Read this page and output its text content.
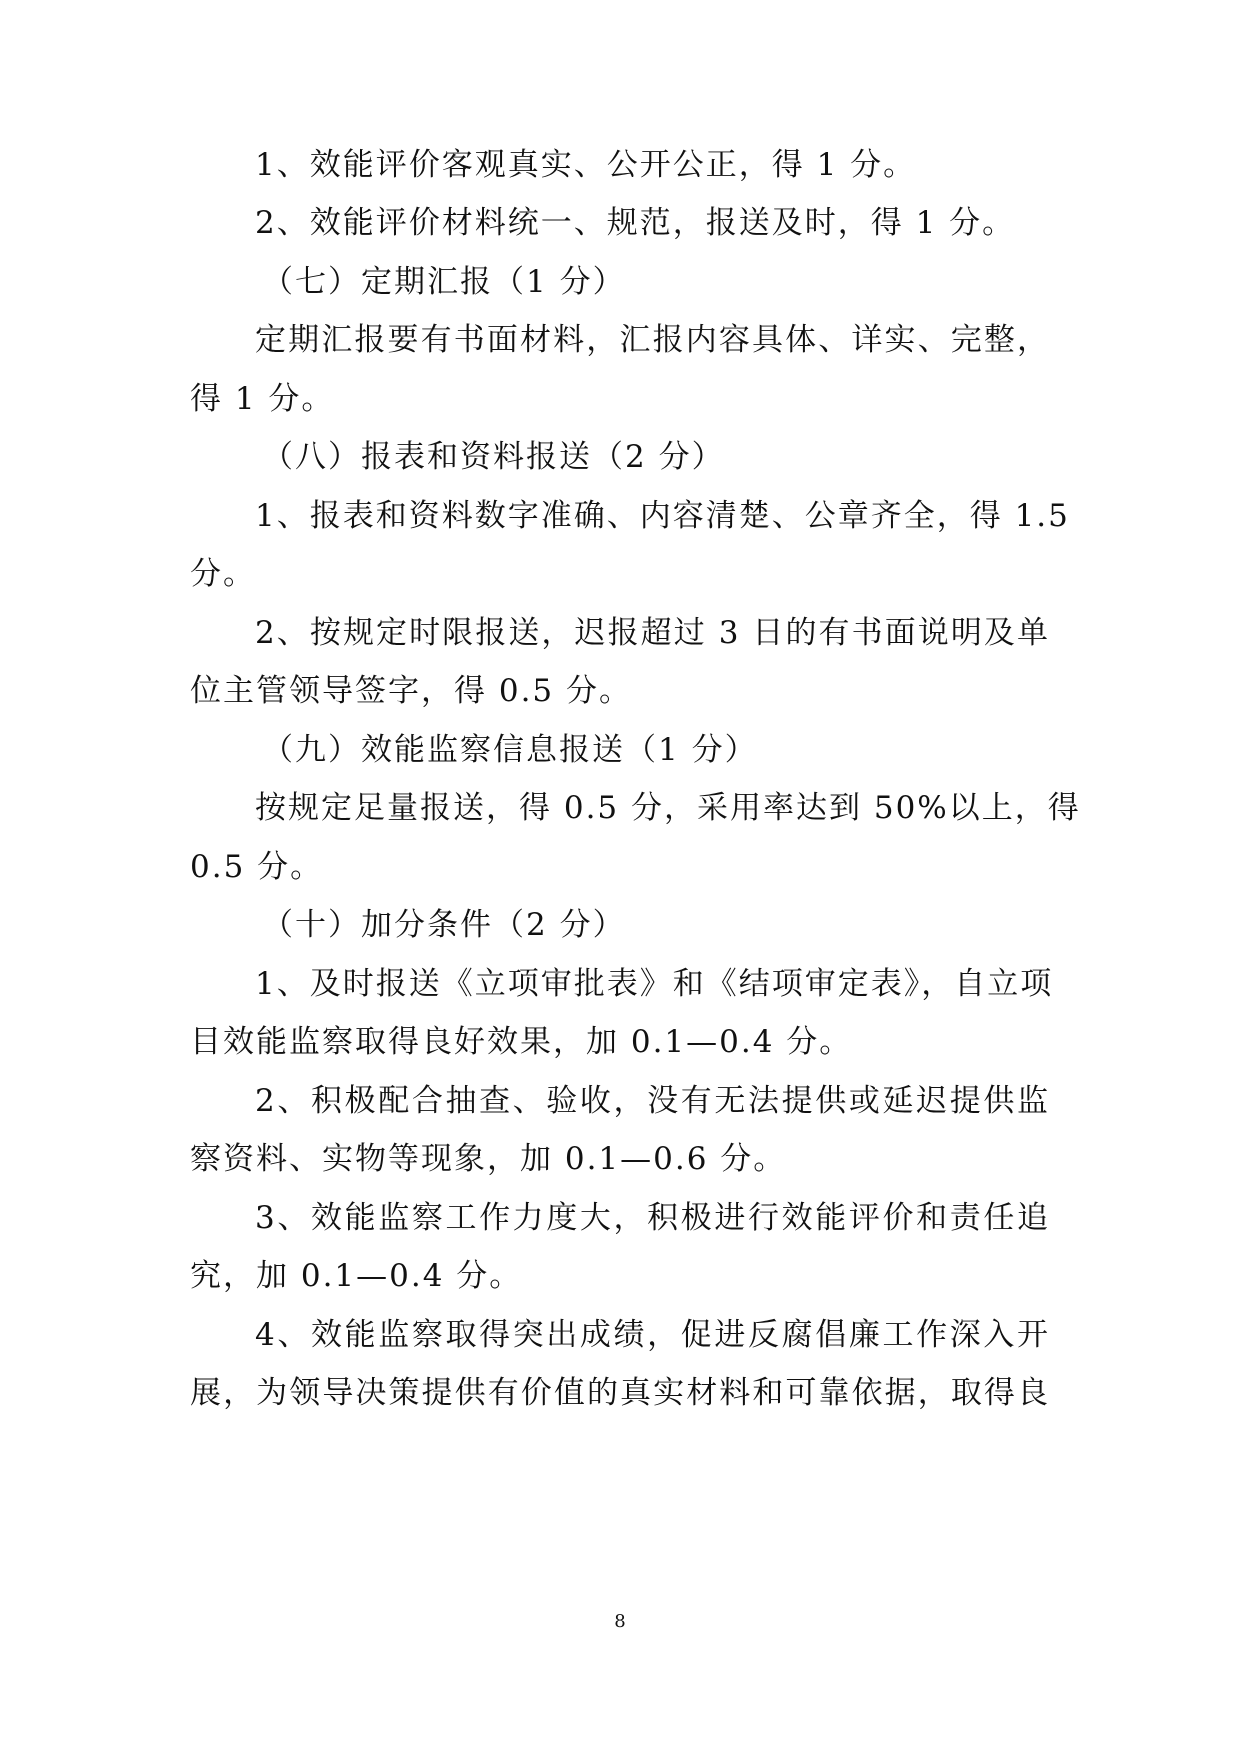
1、效能评价客观真实、公开公正，得 1 分。
2、效能评价材料统一、规范，报送及时，得 1 分。
（七）定期汇报（1 分）
定期汇报要有书面材料，汇报内容具体、详实、完整，
得 1 分。
（八）报表和资料报送（2 分）
1、报表和资料数字准确、内容清楚、公章齐全，得 1.5
分。
2、按规定时限报送，迟报超过 3 日的有书面说明及单
位主管领导签字，得 0.5 分。
（九）效能监察信息报送（1 分）
按规定足量报送，得 0.5 分，采用率达到 50%以上，得
0.5 分。
（十）加分条件（2 分）
1、及时报送《立项审批表》和《结项审定表》，自立项
目效能监察取得良好效果，加 0.1—0.4 分。
2、积极配合抽查、验收，没有无法提供或延迟提供监
察资料、实物等现象，加 0.1—0.6 分。
3、效能监察工作力度大，积极进行效能评价和责任追
究，加 0.1—0.4 分。
4、效能监察取得突出成绩，促进反腐倡廉工作深入开
展，为领导决策提供有价值的真实材料和可靠依据，取得良
8
